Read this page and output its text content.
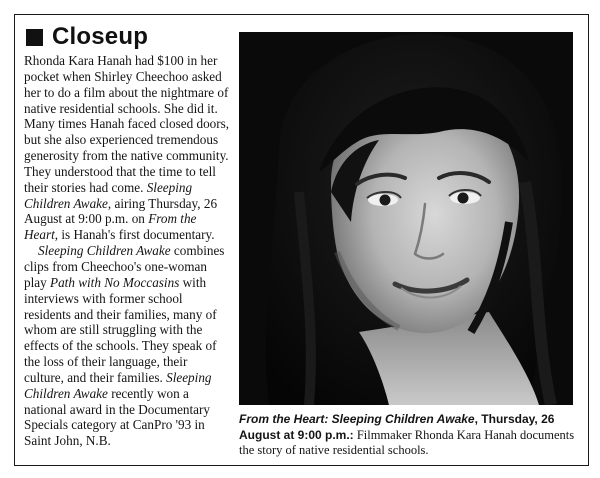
Closeup

Rhonda Kara Hanah had $100 in her pocket when Shirley Cheechoo asked her to do a film about the nightmare of native residential schools. She did it. Many times Hanah faced closed doors, but she also experienced tremendous generosity from the native community. They understood that the time to tell their stories had come. Sleeping Children Awake, airing Thursday, 26 August at 9:00 p.m. on From the Heart, is Hanah's first documentary.

Sleeping Children Awake combines clips from Cheechoo's one-woman play Path with No Moccasins with interviews with former school residents and their families, many of whom are still struggling with the effects of the schools. They speak of the loss of their language, their culture, and their families. Sleeping Children Awake recently won a national award in the Documentary Specials category at CanPro '93 in Saint John, N.B.

From the Heart: Sleeping Children Awake, Thursday, 26 August at 9:00 p.m.: Filmmaker Rhonda Kara Hanah documents the story of native residential schools.
